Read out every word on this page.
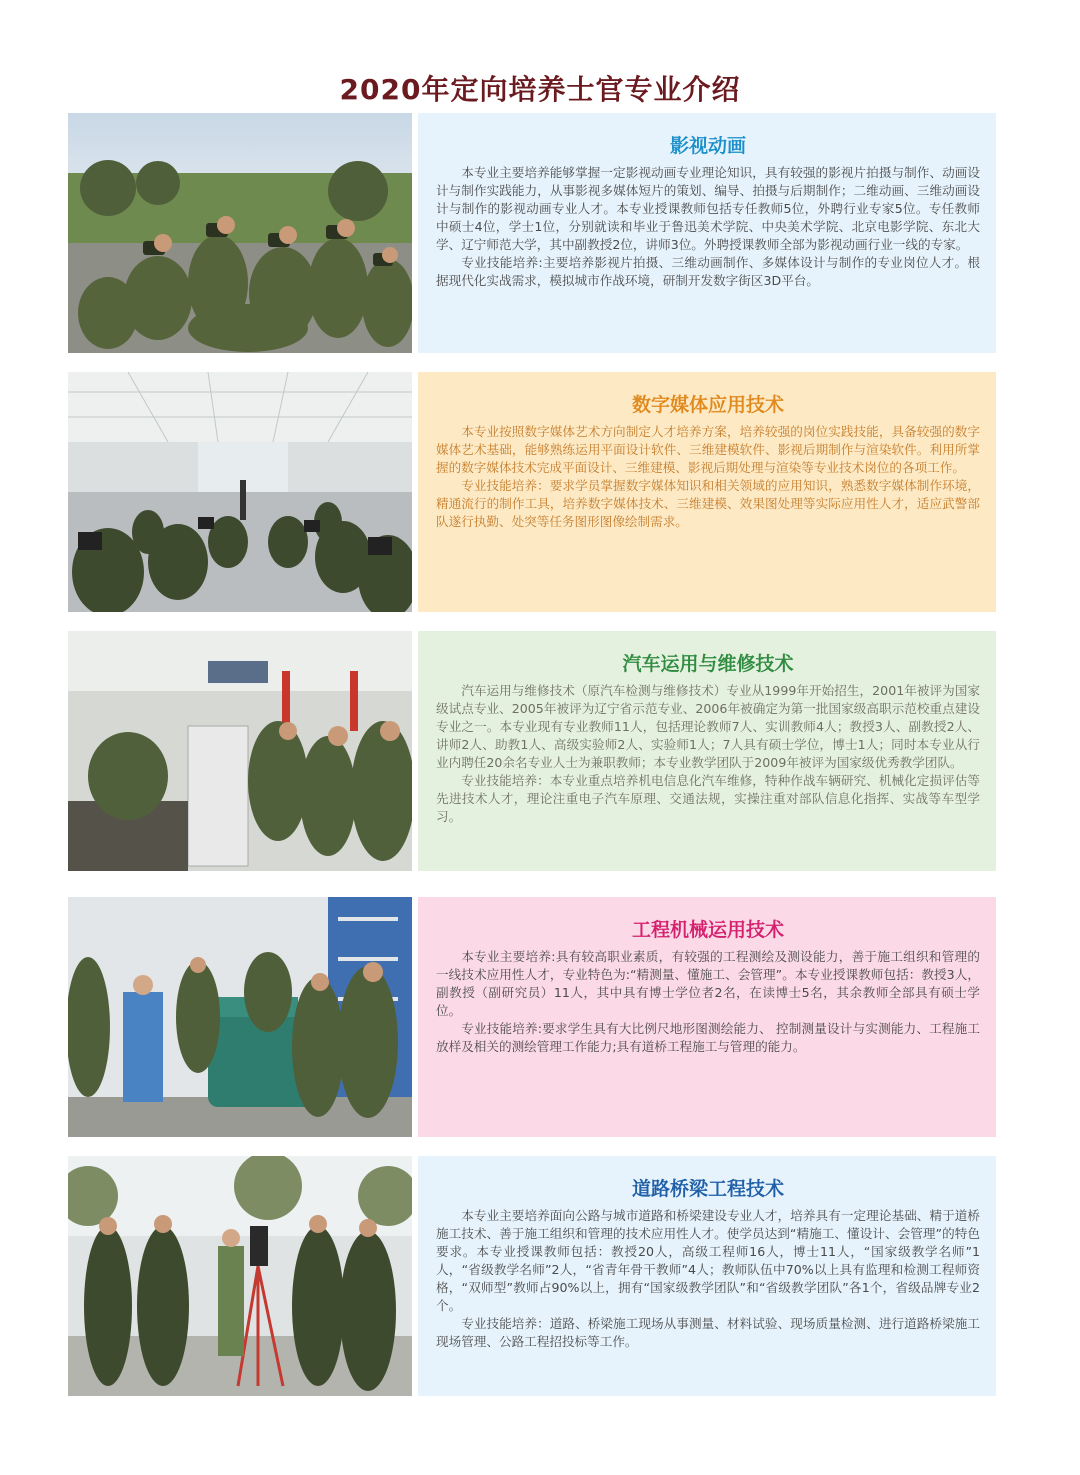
2020年定向培养士官专业介绍
影视动画

本专业主要培养能够掌握一定影视动画专业理论知识，具有较强的影视片拍摄与制作、动画设计与制作实践能力，从事影视多媒体短片的策划、编导、拍摄与后期制作；二维动画、三维动画设计与制作的影视动画专业人才。本专业授课教师包括专任教师5位，外聘行业专家5位。专任教师中硕士4位，学士1位，分别就读和毕业于鲁迅美术学院、中央美术学院、北京电影学院、东北大学、辽宁师范大学，其中副教授2位，讲师3位。外聘授课教师全部为影视动画行业一线的专家。

专业技能培养:主要培养影视片拍摄、三维动画制作、多媒体设计与制作的专业岗位人才。根据现代化实战需求，模拟城市作战环境，研制开发数字街区3D平台。

数字媒体应用技术

本专业按照数字媒体艺术方向制定人才培养方案，培养较强的岗位实践技能，具备较强的数字媒体艺术基础，能够熟练运用平面设计软件、三维建模软件、影视后期制作与渲染软件。利用所掌握的数字媒体技术完成平面设计、三维建模、影视后期处理与渲染等专业技术岗位的各项工作。

专业技能培养：要求学员掌握数字媒体知识和相关领域的应用知识，熟悉数字媒体制作环境，精通流行的制作工具，培养数字媒体技术、三维建模、效果图处理等实际应用性人才，适应武警部队遂行执勤、处突等任务图形图像绘制需求。

汽车运用与维修技术

汽车运用与维修技术（原汽车检测与维修技术）专业从1999年开始招生，2001年被评为国家级试点专业、2005年被评为辽宁省示范专业、2006年被确定为第一批国家级高职示范校重点建设专业之一。本专业现有专业教师11人，包括理论教师7人、实训教师4人；教授3人、副教授2人、讲师2人、助教1人、高级实验师2人、实验师1人；7人具有硕士学位，博士1人；同时本专业从行业内聘任20余名专业人士为兼职教师；本专业教学团队于2009年被评为国家级优秀教学团队。

专业技能培养：本专业重点培养机电信息化汽车维修，特种作战车辆研究、机械化定损评估等先进技术人才，理论注重电子汽车原理、交通法规，实操注重对部队信息化指挥、实战等车型学习。

工程机械运用技术

本专业主要培养:具有较高职业素质，有较强的工程测绘及测设能力，善于施工组织和管理的一线技术应用性人才，专业特色为:“精测量、懂施工、会管理”。本专业授课教师包括：教授3人，副教授（副研究员）11人，其中具有博士学位者2名，在读博士5名，其余教师全部具有硕士学位。

专业技能培养:要求学生具有大比例尺地形图测绘能力、 控制测量设计与实测能力、工程施工放样及相关的测绘管理工作能力;具有道桥工程施工与管理的能力。

道路桥梁工程技术

本专业主要培养面向公路与城市道路和桥梁建设专业人才，培养具有一定理论基础、精于道桥施工技术、善于施工组织和管理的技术应用性人才。使学员达到“精施工、懂设计、会管理”的特色要求。本专业授课教师包括：教授20人，高级工程师16人，博士11人，“国家级教学名师”1人，“省级教学名师”2人，“省青年骨干教师”4人；教师队伍中70%以上具有监理和检测工程师资格，“双师型”教师占90%以上，拥有“国家级教学团队”和“省级教学团队”各1个，省级品牌专业2个。

专业技能培养：道路、桥梁施工现场从事测量、材料试验、现场质量检测、进行道路桥梁施工现场管理、公路工程招投标等工作。
